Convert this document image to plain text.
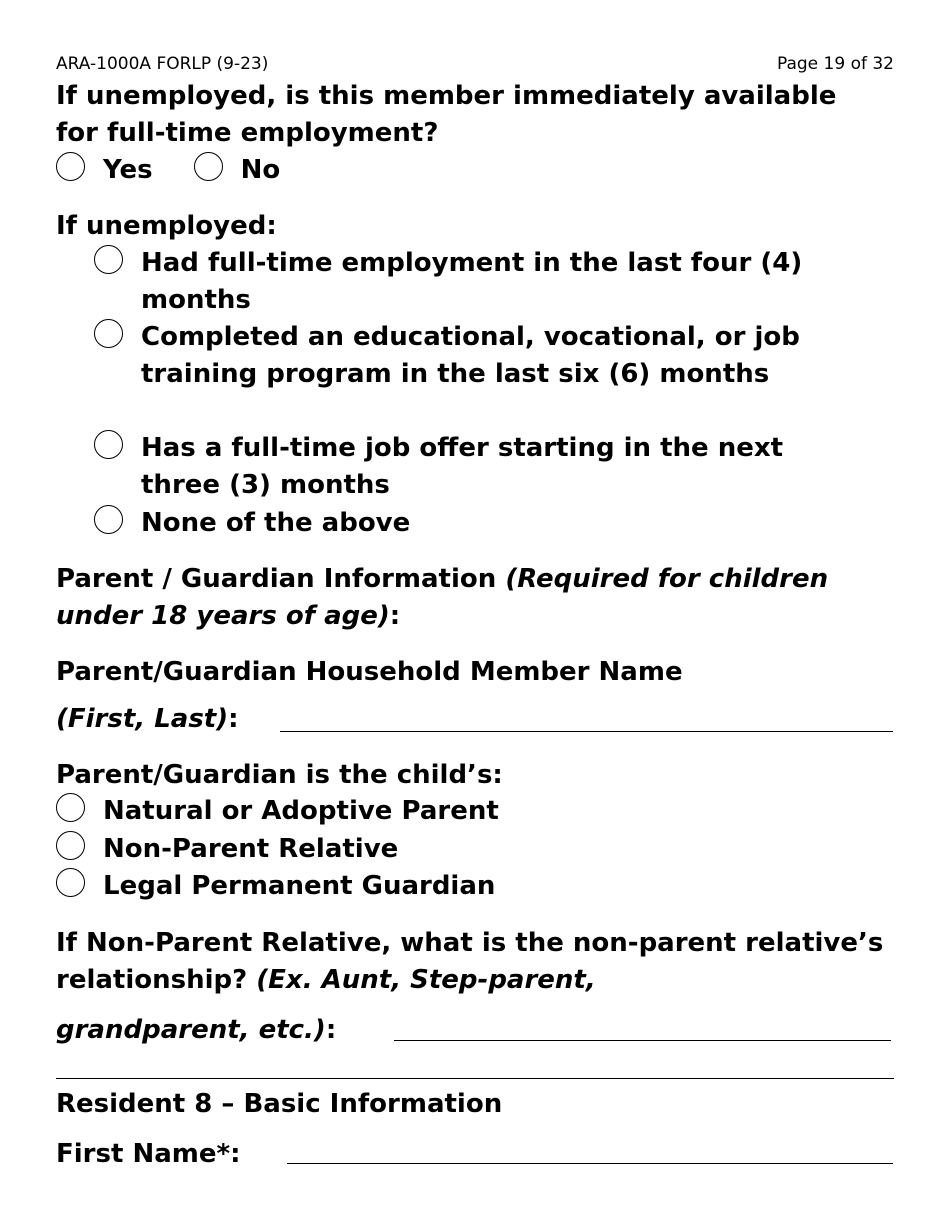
ARA-1000A FORLP (9-23)	Page 19 of 32

If unemployed, is this member immediately available for full-time employment?

Yes	No

If unemployed:

Had full-time employment in the last four (4) months
Completed an educational, vocational, or job training program in the last six (6) months
Has a full-time job offer starting in the next three (3) months
None of the above

Parent / Guardian Information (Required for children under 18 years of age):

Parent/Guardian Household Member Name

(First, Last):

Parent/Guardian is the child’s:

Natural or Adoptive Parent
Non-Parent Relative
Legal Permanent Guardian

If Non-Parent Relative, what is the non-parent relative’s relationship? (Ex. Aunt, Step-parent,

grandparent, etc.):

Resident 8 – Basic Information

First Name*:
